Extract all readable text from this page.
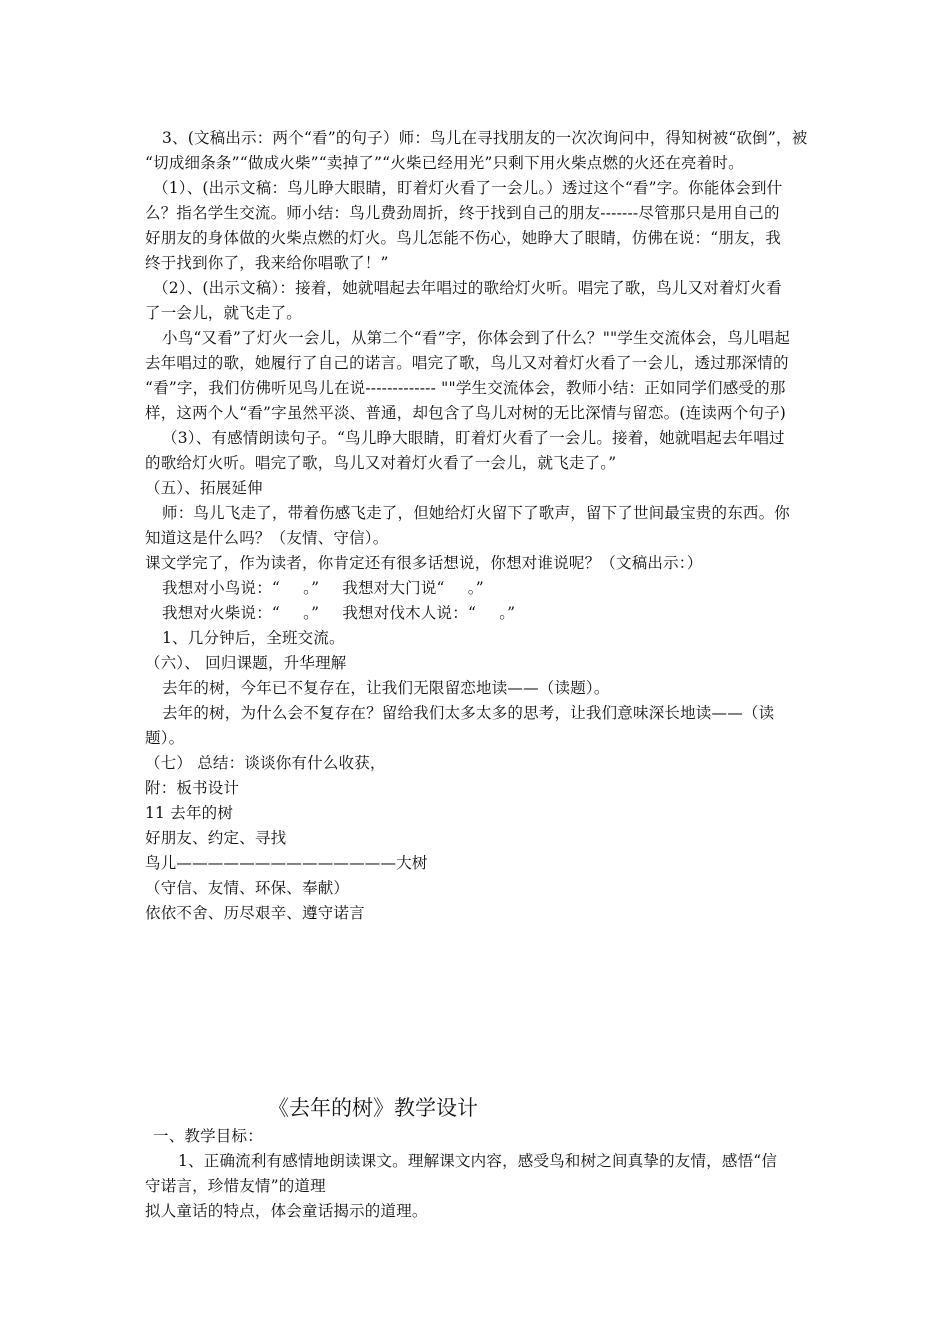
3、(文稿出示：两个“看”的句子）师：鸟儿在寻找朋友的一次次询问中，得知树被“砍倒”，被
“切成细条条”“做成火柴”“卖掉了”“火柴已经用光”只剩下用火柴点燃的火还在亮着时。
（1）、(出示文稿：鸟儿睁大眼睛，盯着灯火看了一会儿。）透过这个“看”字。你能体会到什
么？指名学生交流。师小结：鸟儿费劲周折，终于找到自己的朋友-------尽管那只是用自己的
好朋友的身体做的火柴点燃的灯火。鸟儿怎能不伤心，她睁大了眼睛，仿佛在说：“朋友，我
终于找到你了，我来给你唱歌了！”
（2）、(出示文稿）：接着，她就唱起去年唱过的歌给灯火听。唱完了歌，鸟儿又对着灯火看
了一会儿，就飞走了。
小鸟“又看”了灯火一会儿，从第二个“看”字，你体会到了什么？""学生交流体会，鸟儿唱起
去年唱过的歌，她履行了自己的诺言。唱完了歌，鸟儿又对着灯火看了一会儿，透过那深情的
“看”字，我们仿佛听见鸟儿在说------------- ""学生交流体会，教师小结：正如同学们感受的那
样，这两个人“看”字虽然平淡、普通，却包含了鸟儿对树的无比深情与留恋。(连读两个句子)
（3）、有感情朗读句子。“鸟儿睁大眼睛，盯着灯火看了一会儿。接着，她就唱起去年唱过
的歌给灯火听。唱完了歌，鸟儿又对着灯火看了一会儿，就飞走了。”
（五）、拓展延伸
师：鸟儿飞走了，带着伤感飞走了，但她给灯火留下了歌声，留下了世间最宝贵的东西。你
知道这是什么吗？（友情、守信）。
课文学完了，作为读者，你肯定还有很多话想说，你想对谁说呢？（文稿出示：）
我想对小鸟说：“ 。” 我想对大门说“ 。”
我想对火柴说：“ 。” 我想对伐木人说：“ 。”
1、几分钟后，全班交流。
（六）、 回归课题，升华理解
去年的树，今年已不复存在，让我们无限留恋地读——（读题）。
去年的树，为什么会不复存在？留给我们太多太多的思考，让我们意味深长地读——（读
题）。
（七） 总结：谈谈你有什么收获，
附：板书设计
11 去年的树
好朋友、约定、寻找
鸟儿——————————————大树
（守信、友情、环保、奉献）
依依不舍、历尽艰辛、遵守诺言
《去年的树》教学设计
一、教学目标：
1、正确流利有感情地朗读课文。理解课文内容，感受鸟和树之间真挚的友情，感悟“信
守诺言，珍惜友情”的道理
拟人童话的特点，体会童话揭示的道理。
